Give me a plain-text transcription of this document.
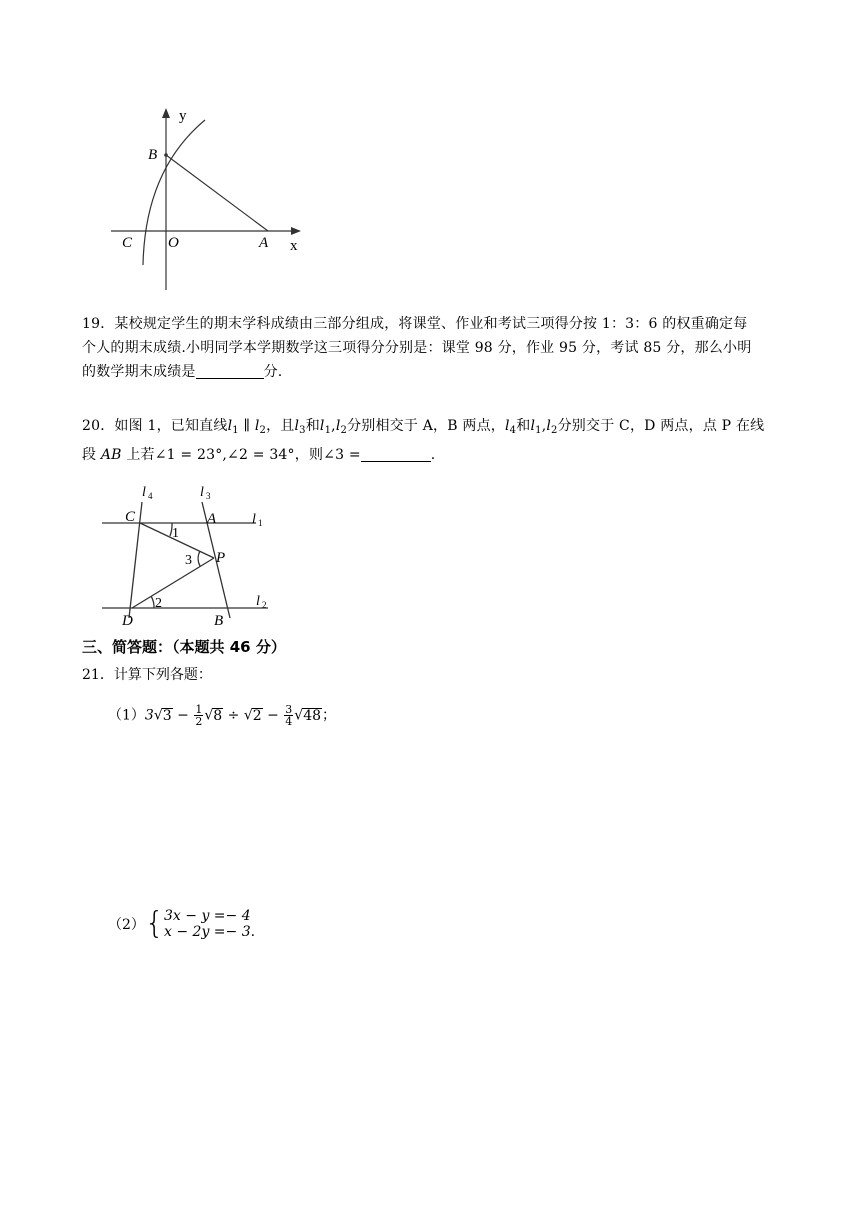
y
x
B
C O	A
19．某校规定学生的期末学科成绩由三部分组成，将课堂、作业和考试三项得分按 1：3：6 的权重确定每
个人的期末成绩.小明同学本学期数学这三项得分分别是：课堂 98 分，作业 95 分，考试 85 分，那么小明
的数学期末成绩是	分.
20．如图 1，已知直线$l_1$ ∥ $l_2$，且$l_3$和$l_1,l_2$分别相交于 A，B 两点，$l_4$和$l_1,l_2$分别交于 C，D 两点，点 P 在线
段 AB 上若∠1 = 23°,∠2 = 34°，则∠3 =	.
l 4	l 3
C	A	l 1
1
3 P
2	l 2
D	B
三、简答题：（本题共 46 分）
21．计算下列各题：
$(1)3√3 - \frac{1}{2} √8 \div √2 - \frac{3}{4} √48$；
（2） { 3x − y =− 4
x − 2y =− 3 .
